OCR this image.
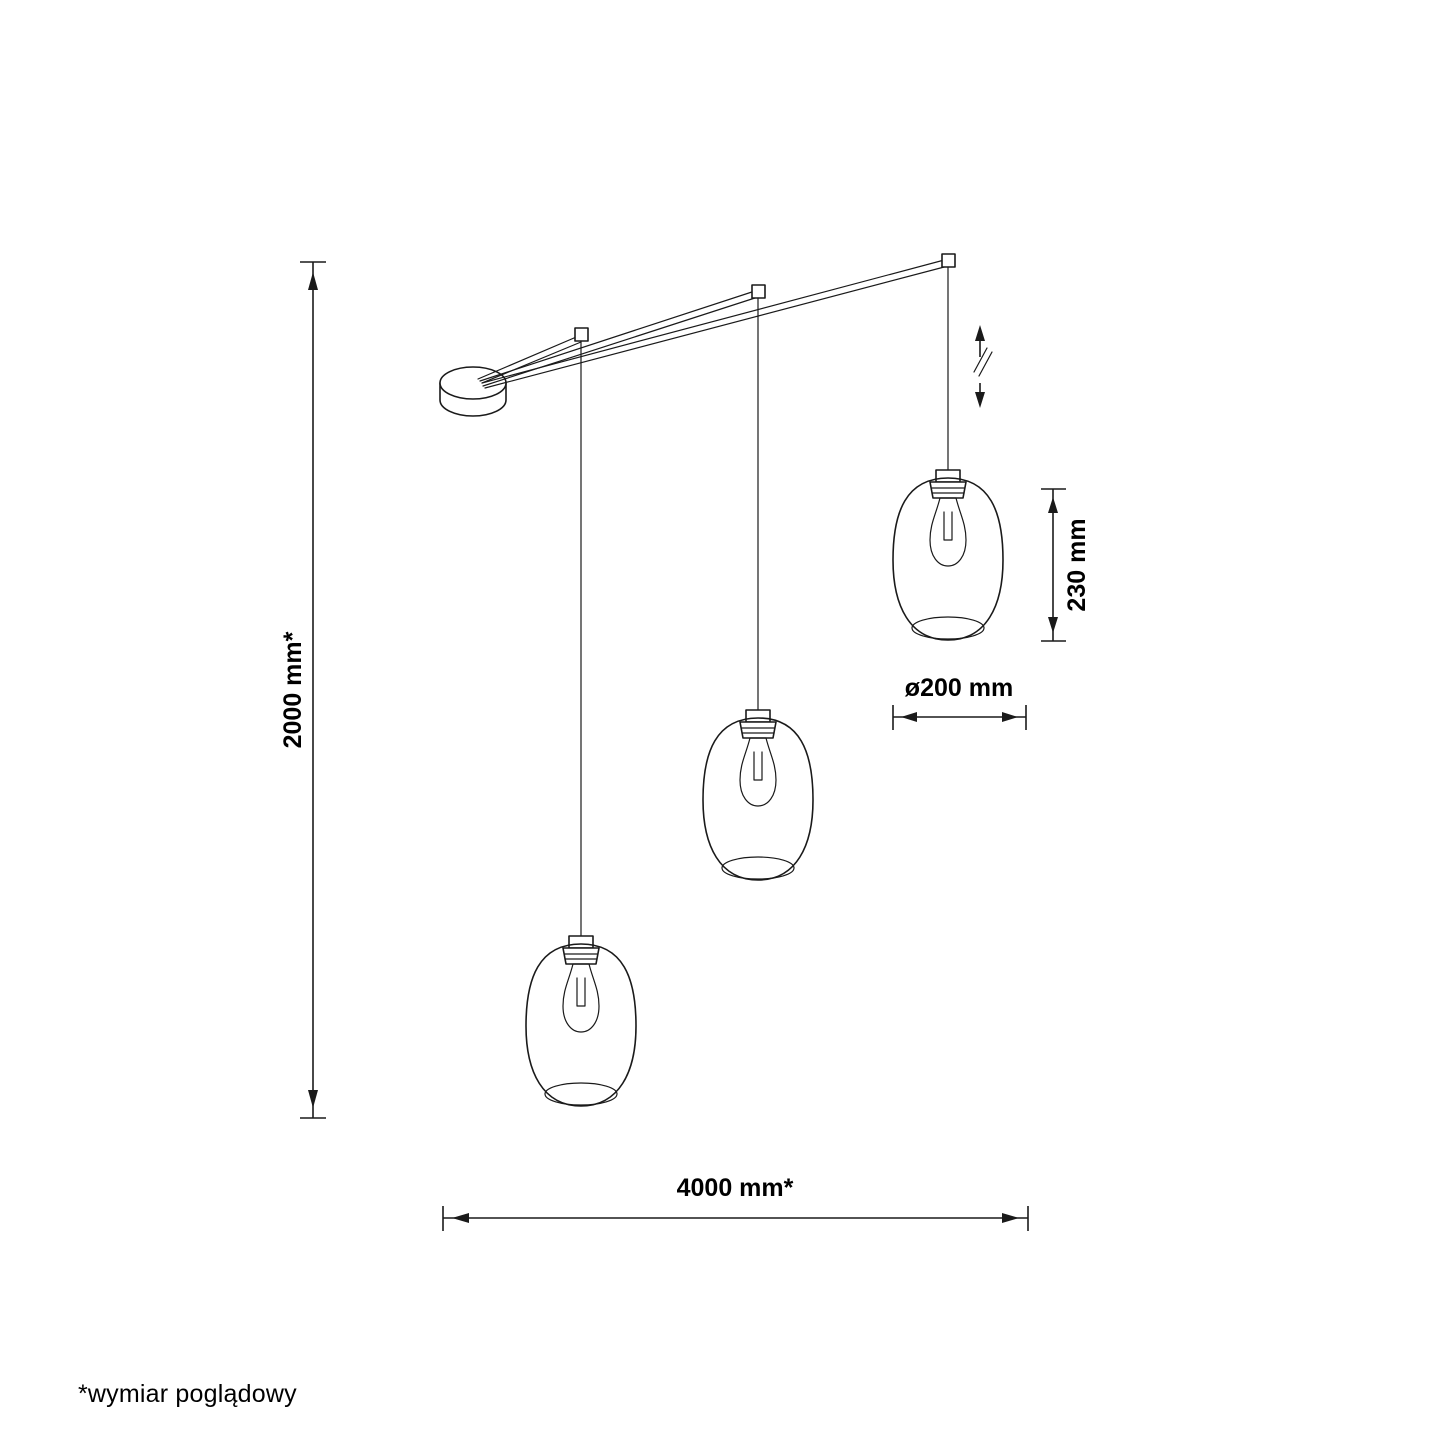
2000 mm*
230 mm
ø200 mm
4000 mm*
*wymiar poglądowy
